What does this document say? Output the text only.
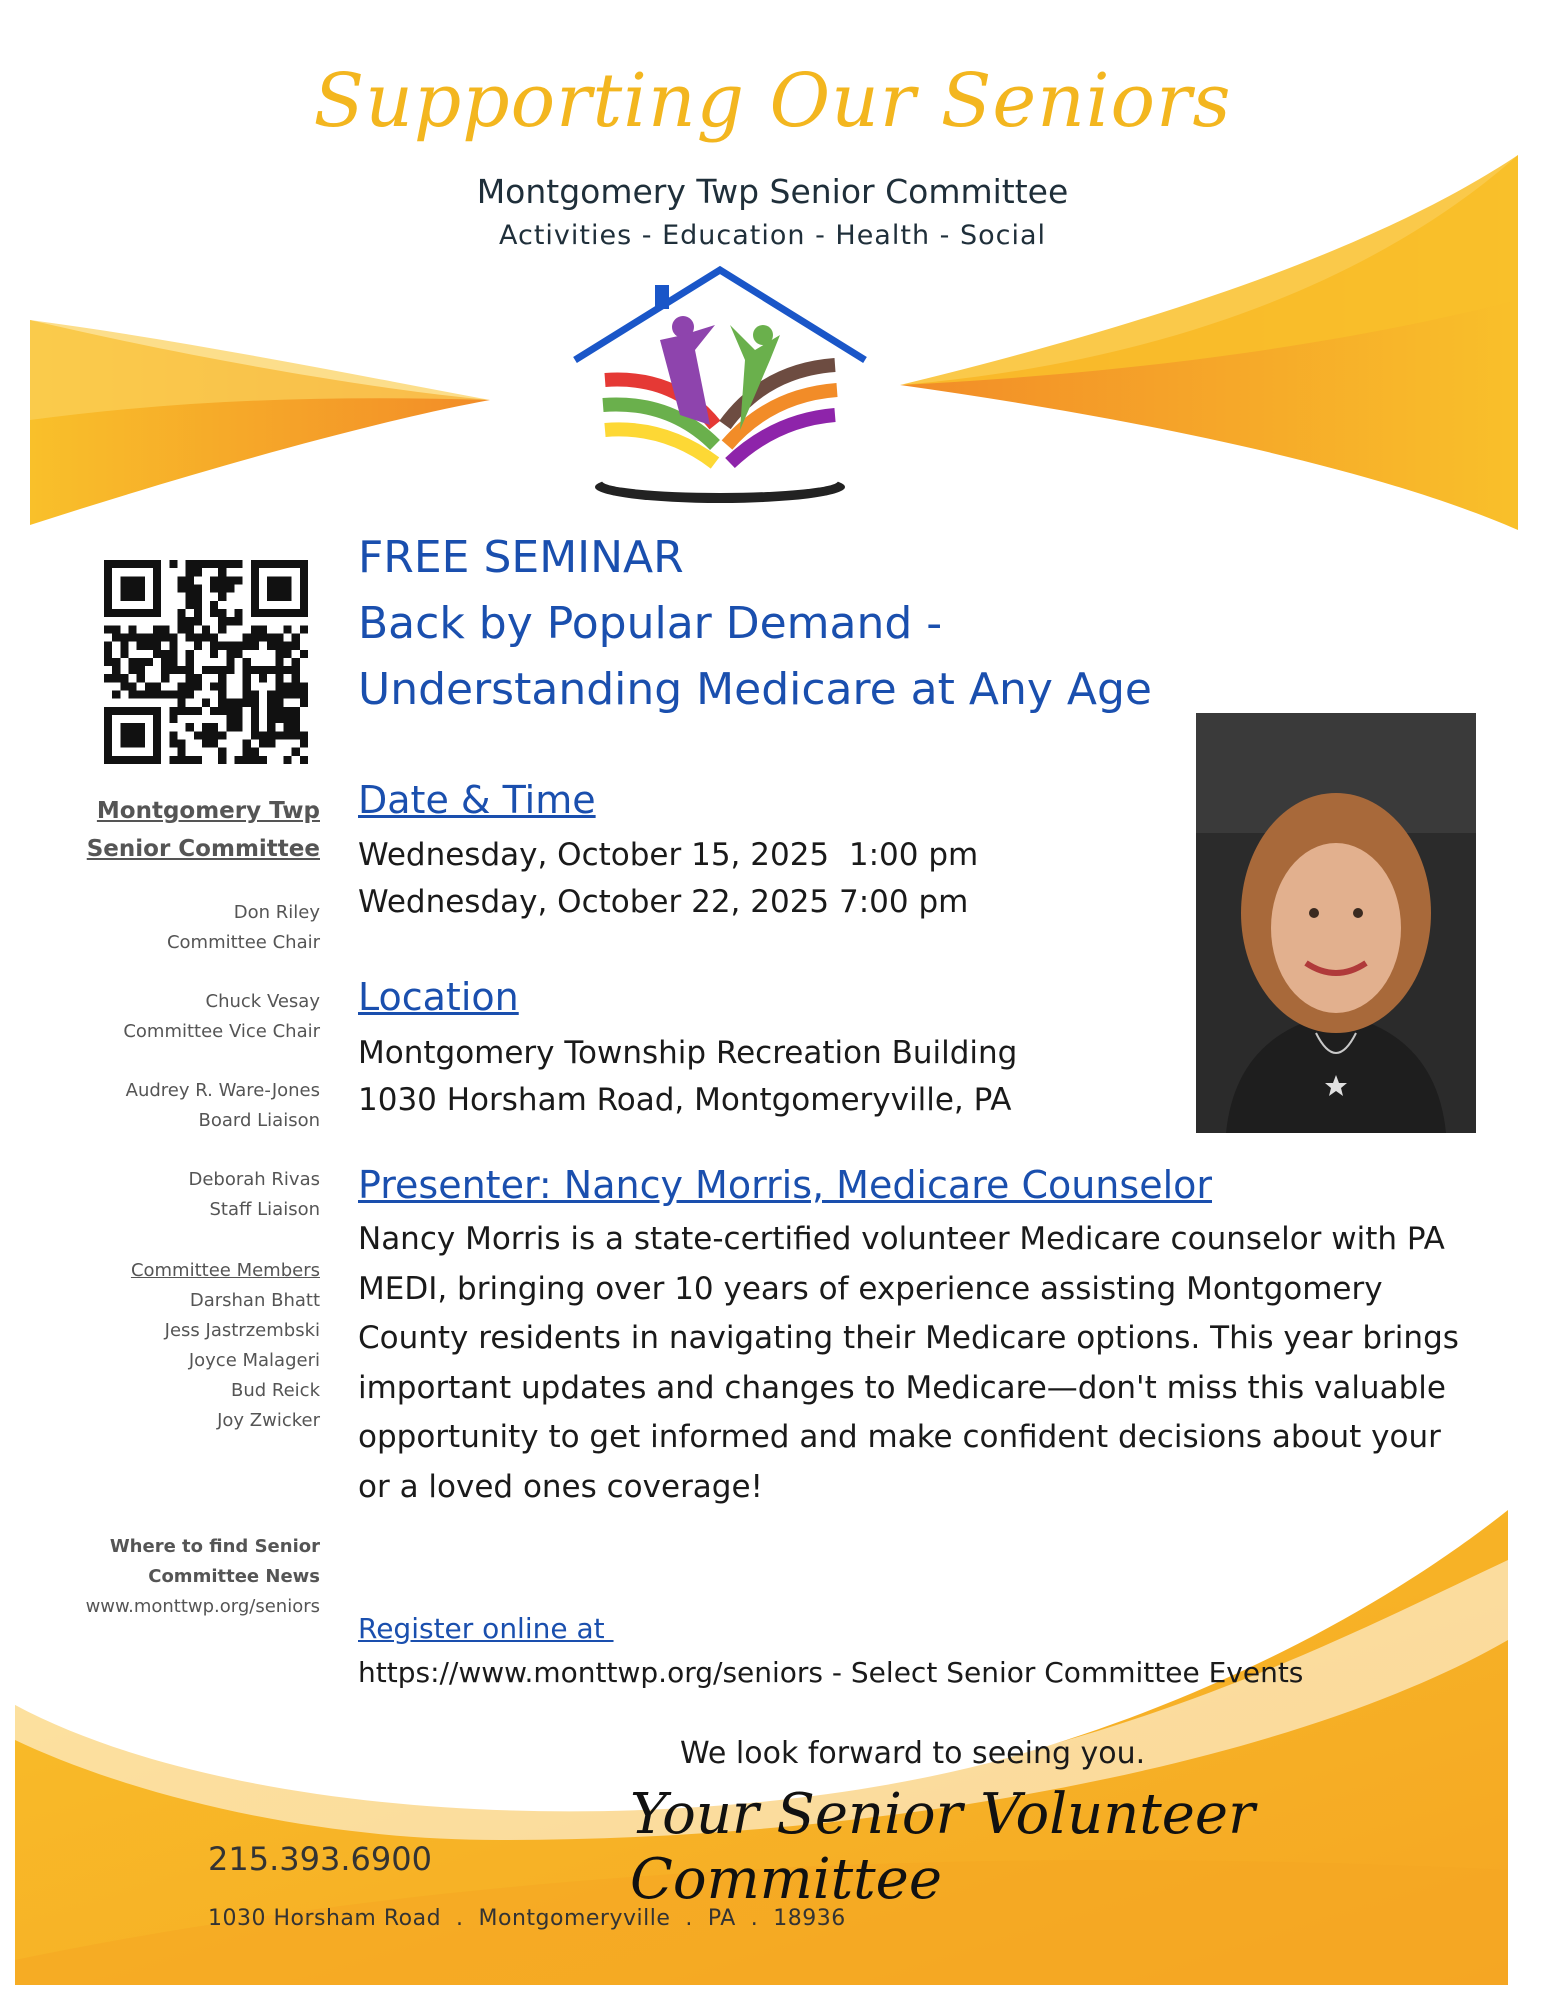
Supporting Our Seniors
Montgomery Twp Senior Committee
Activities - Education - Health - Social
Montgomery Twp
Senior Committee
Don Riley
Committee Chair
Chuck Vesay
Committee Vice Chair
Audrey R. Ware-Jones
Board Liaison
Deborah Rivas
Staff Liaison
Committee Members
Darshan Bhatt
Jess Jastrzembski
Joyce Malageri
Bud Reick
Joy Zwicker
Where to find Senior
Committee News
www.monttwp.org/seniors
FREE SEMINAR
Back by Popular Demand -
Understanding Medicare at Any Age
Date & Time
Wednesday, October 15, 2025  1:00 pm
Wednesday, October 22, 2025 7:00 pm
Location
Montgomery Township Recreation Building
1030 Horsham Road, Montgomeryville, PA
Presenter: Nancy Morris, Medicare Counselor
Nancy Morris is a state-certified volunteer Medicare counselor with PA MEDI, bringing over 10 years of experience assisting Montgomery County residents in navigating their Medicare options. This year brings important updates and changes to Medicare—don't miss this valuable opportunity to get informed and make confident decisions about your or a loved ones coverage!
Register online at
https://www.monttwp.org/seniors - Select Senior Committee Events
We look forward to seeing you.
Your Senior Volunteer Committee
215.393.6900
1030 Horsham Road  .  Montgomeryville  .  PA  .  18936
